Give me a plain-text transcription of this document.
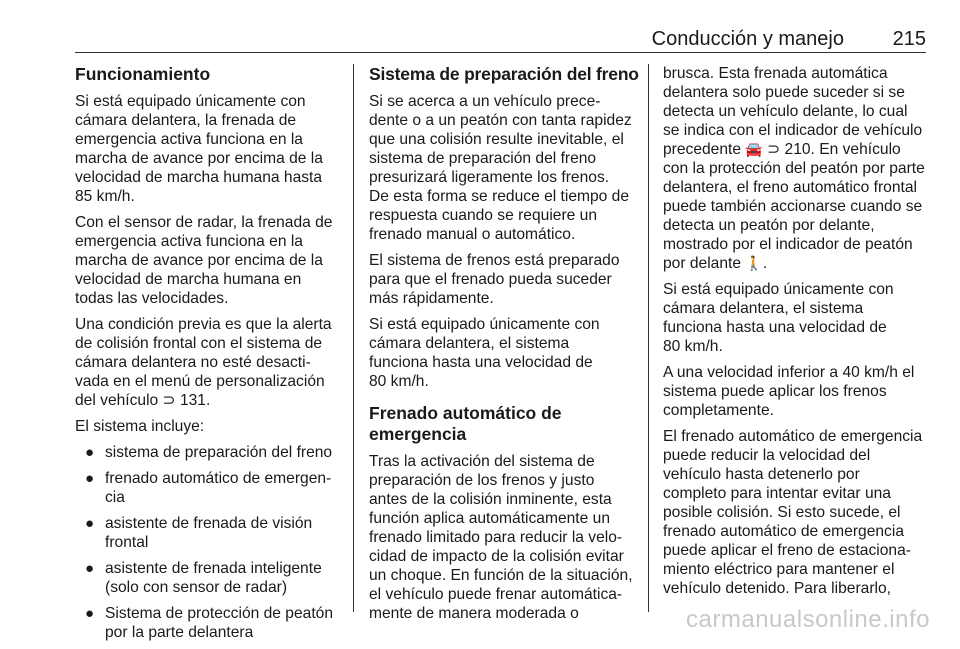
Conducción y manejo 215
Funcionamiento

Si está equipado únicamente con
cámara delantera, la frenada de
emergencia activa funciona en la
marcha de avance por encima de la
velocidad de marcha humana hasta
85 km/h.

Con el sensor de radar, la frenada de
emergencia activa funciona en la
marcha de avance por encima de la
velocidad de marcha humana en
todas las velocidades.

Una condición previa es que la alerta
de colisión frontal con el sistema de
cámara delantera no esté desacti-
vada en el menú de personalización
del vehículo ⊃ 131.

El sistema incluye:

● sistema de preparación del freno
● frenado automático de emergen-
cia
● asistente de frenada de visión
frontal
● asistente de frenada inteligente
(solo con sensor de radar)
● Sistema de protección de peatón
por la parte delantera
Sistema de preparación del freno

Si se acerca a un vehículo prece-
dente o a un peatón con tanta rapidez
que una colisión resulte inevitable, el
sistema de preparación del freno
presurizará ligeramente los frenos.
De esta forma se reduce el tiempo de
respuesta cuando se requiere un
frenado manual o automático.

El sistema de frenos está preparado
para que el frenado pueda suceder
más rápidamente.

Si está equipado únicamente con
cámara delantera, el sistema
funciona hasta una velocidad de
80 km/h.

Frenado automático de
emergencia

Tras la activación del sistema de
preparación de los frenos y justo
antes de la colisión inminente, esta
función aplica automáticamente un
frenado limitado para reducir la velo-
cidad de impacto de la colisión evitar
un choque. En función de la situación,
el vehículo puede frenar automática-
mente de manera moderada o

brusca. Esta frenada automática
delantera solo puede suceder si se
detecta un vehículo delante, lo cual
se indica con el indicador de vehículo
precedente 🚘 ⊃ 210. En vehículo
con la protección del peatón por parte
delantera, el freno automático frontal
puede también accionarse cuando se
detecta un peatón por delante,
mostrado por el indicador de peatón
por delante 🚶.

Si está equipado únicamente con
cámara delantera, el sistema
funciona hasta una velocidad de
80 km/h.

A una velocidad inferior a 40 km/h el
sistema puede aplicar los frenos
completamente.

El frenado automático de emergencia
puede reducir la velocidad del
vehículo hasta detenerlo por
completo para intentar evitar una
posible colisión. Si esto sucede, el
frenado automático de emergencia
puede aplicar el freno de estaciona-
miento eléctrico para mantener el
vehículo detenido. Para liberarlo,

carmanualsonline.info
